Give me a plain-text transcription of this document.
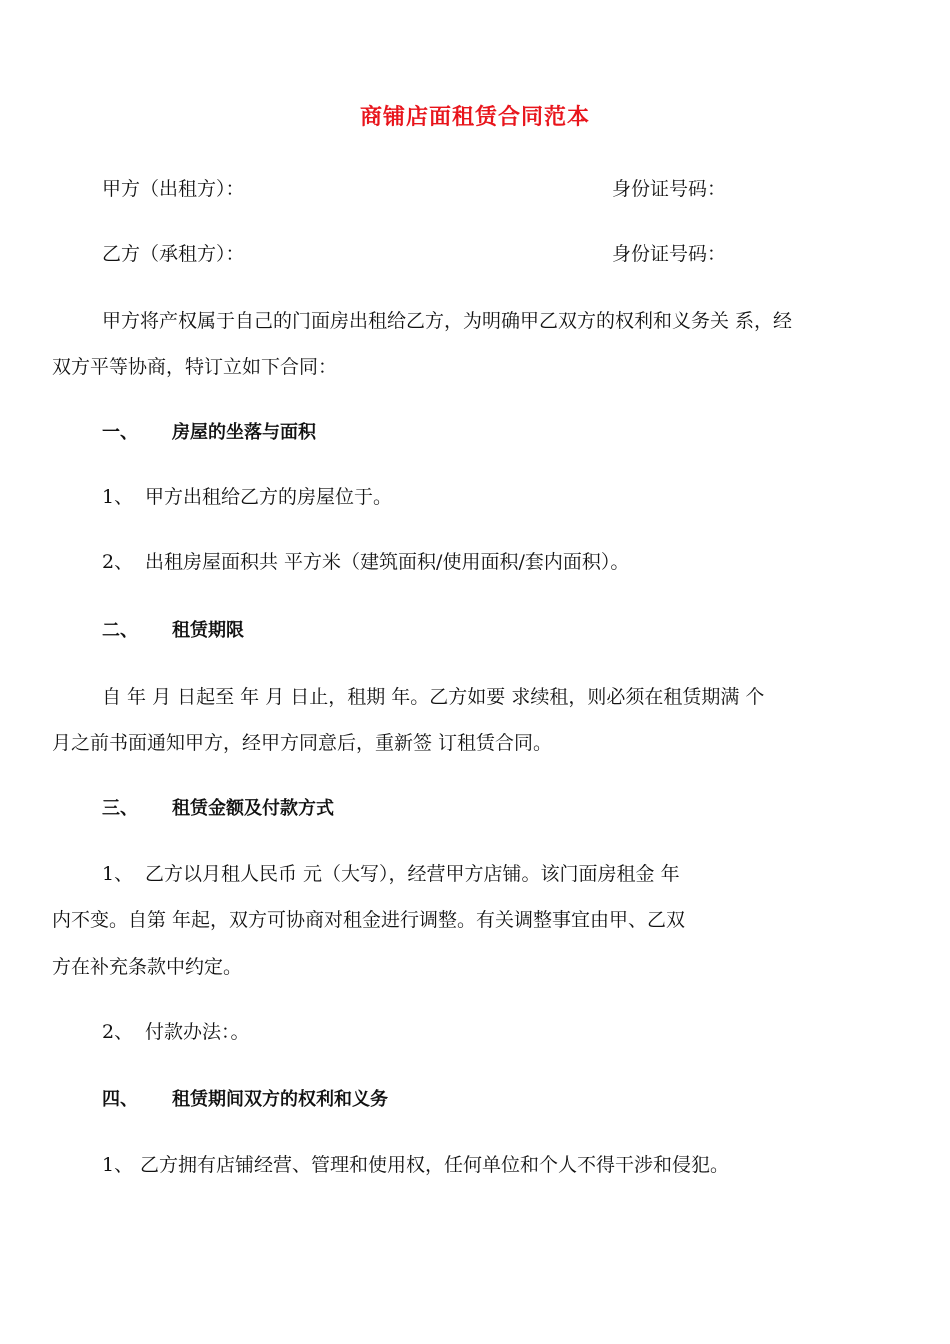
商铺店面租赁合同范本
甲方（出租方）：	身份证号码：
乙方（承租方）：	身份证号码：
甲方将产权属于自己的门面房出租给乙方，为明确甲乙双方的权利和义务关 系，经
双方平等协商，特订立如下合同：
一、 房屋的坐落与面积
1、 甲方出租给乙方的房屋位于。
2、 出租房屋面积共 平方米（建筑面积/使用面积/套内面积）。
二、 租赁期限
自 年 月 日起至 年 月 日止，租期 年。乙方如要 求续租，则必须在租赁期满 个
月之前书面通知甲方，经甲方同意后，重新签 订租赁合同。
三、 租赁金额及付款方式
1、 乙方以月租人民币 元（大写），经营甲方店铺。该门面房租金 年
内不变。自第 年起，双方可协商对租金进行调整。有关调整事宜由甲、乙双
方在补充条款中约定。
2、 付款办法：。
四、 租赁期间双方的权利和义务
1、 乙方拥有店铺经营、管理和使用权，任何单位和个人不得干涉和侵犯。
